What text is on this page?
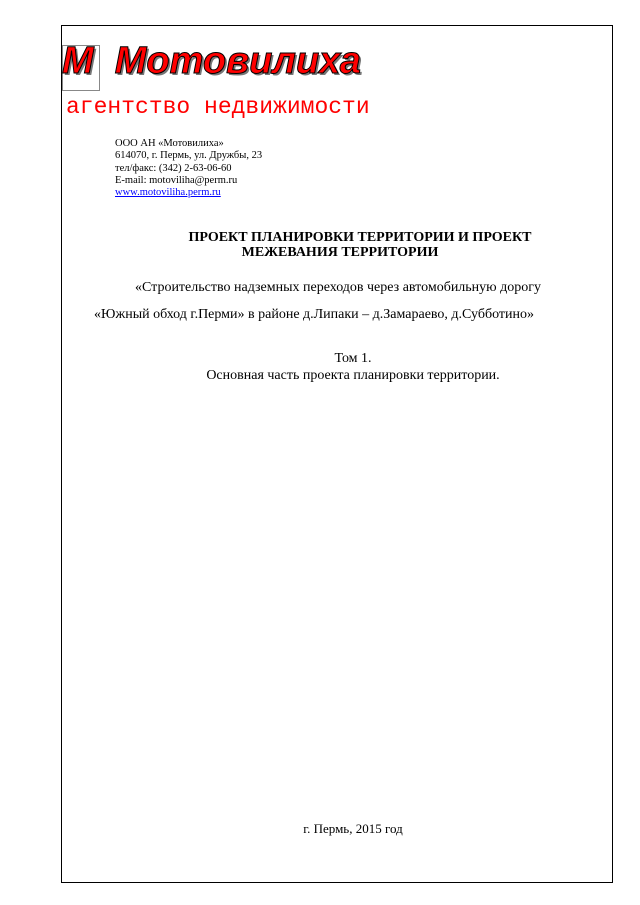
М  Мотовилиха
агентство недвижимости
ООО АН «Мотовилиха»
614070, г. Пермь, ул. Дружбы, 23
тел/факс: (342) 2-63-06-60
E-mail: motoviliha@perm.ru
www.motoviliha.perm.ru
ПРОЕКТ ПЛАНИРОВКИ ТЕРРИТОРИИ И ПРОЕКТ
МЕЖЕВАНИЯ ТЕРРИТОРИИ
«Строительство надземных переходов через автомобильную дорогу
«Южный обход г.Перми» в районе д.Липаки – д.Замараево, д.Субботино»
Том 1.
Основная часть проекта планировки территории.
г. Пермь, 2015 год
